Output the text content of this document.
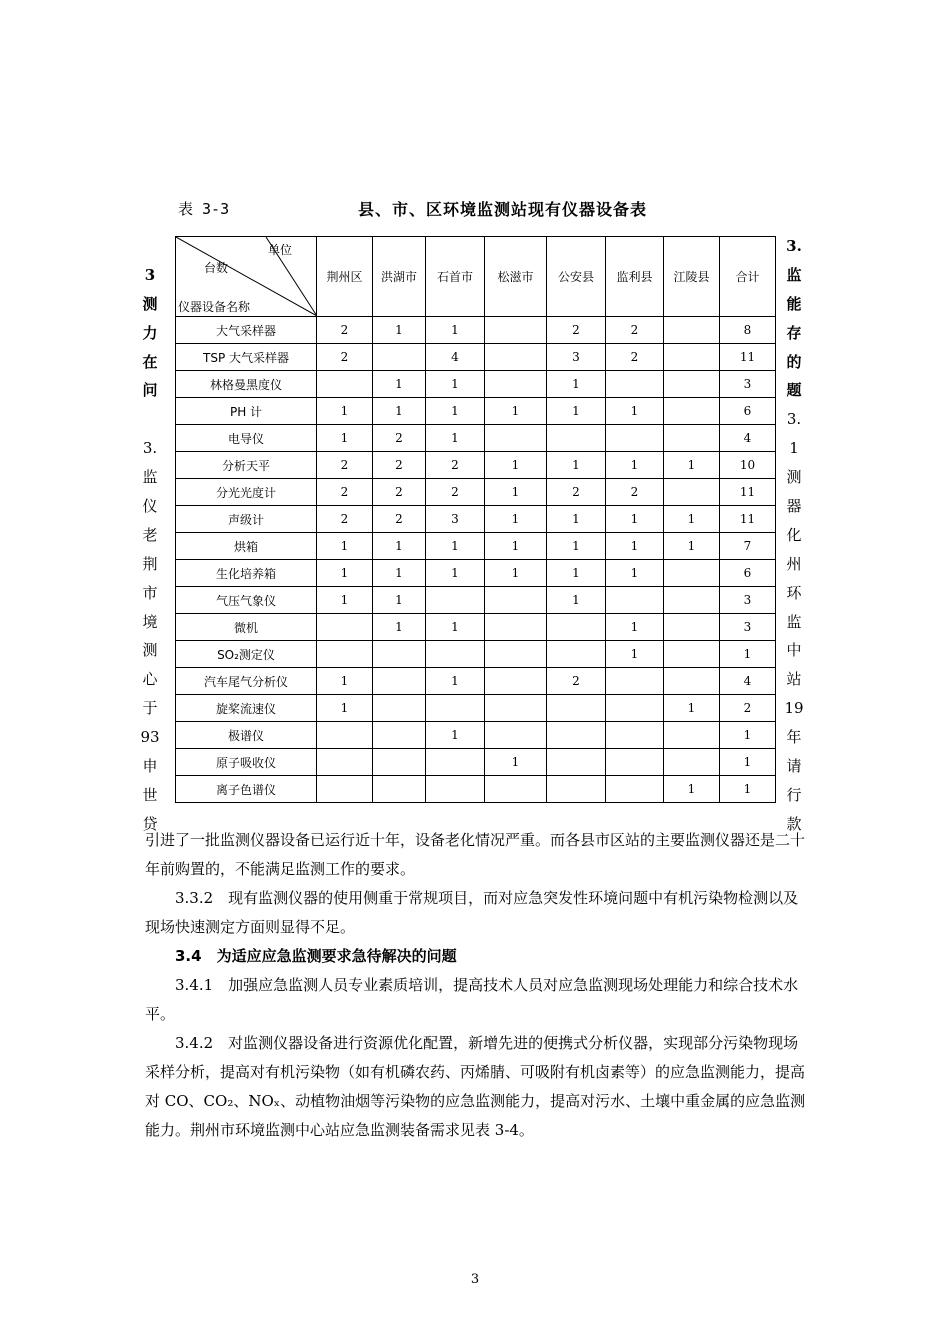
表 3-3	县、市、区环境监测站现有仪器设备表
3
测
力
在
问
3.
监
仪
老
荆
市
境
测
心
于
93
申
世
贷
3.
监
能
存
的
题
3.
1
测
器
化
州
环
监
中
站
19
年
请
行
款
单位
台数
仪器设备名称	荆州区	洪湖市	石首市	松滋市	公安县	监利县	江陵县	合计
大气采样器	2	1	1		2	2		8
TSP 大气采样器	2		4		3	2		11
林格曼黑度仪		1	1		1			3
PH 计	1	1	1	1	1	1		6
电导仪	1	2	1					4
分析天平	2	2	2	1	1	1	1	10
分光光度计	2	2	2	1	2	2		11
声级计	2	2	3	1	1	1	1	11
烘箱	1	1	1	1	1	1	1	7
生化培养箱	1	1	1	1	1	1		6
气压气象仪	1	1			1			3
微机		1	1			1		3
SO₂测定仪						1		1
汽车尾气分析仪	1		1		2			4
旋桨流速仪	1						1	2
极谱仪			1					1
原子吸收仪				1				1
离子色谱仪							1	1

引进了一批监测仪器设备已运行近十年，设备老化情况严重。而各县市区站的主要监测仪器还是二十年前购置的，不能满足监测工作的要求。

3.3.2　现有监测仪器的使用侧重于常规项目，而对应急突发性环境问题中有机污染物检测以及现场快速测定方面则显得不足。

3.4　为适应应急监测要求急待解决的问题

3.4.1　加强应急监测人员专业素质培训，提高技术人员对应急监测现场处理能力和综合技术水平。

3.4.2　对监测仪器设备进行资源优化配置，新增先进的便携式分析仪器，实现部分污染物现场采样分析，提高对有机污染物（如有机磷农药、丙烯腈、可吸附有机卤素等）的应急监测能力，提高对 CO、CO₂、NOₓ、动植物油烟等污染物的应急监测能力，提高对污水、土壤中重金属的应急监测能力。荆州市环境监测中心站应急监测装备需求见表 3-4。

3
